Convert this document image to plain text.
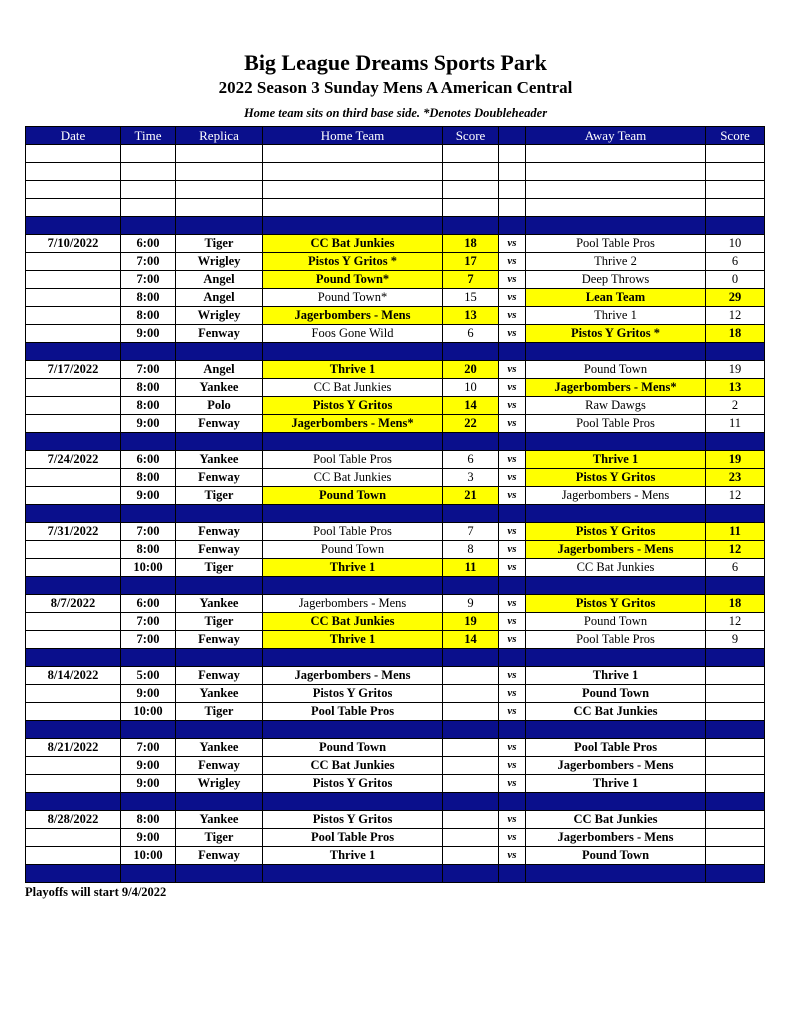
Big League Dreams Sports Park
2022 Season 3 Sunday Mens A American Central
Home team sits on third base side. *Denotes Doubleheader
Date	Time	Replica	Home Team	Score		Away Team	Score

7/10/2022	6:00	Tiger	CC Bat Junkies	18	vs	Pool Table Pros	10
	7:00	Wrigley	Pistos Y Gritos *	17	vs	Thrive 2	6
	7:00	Angel	Pound Town*	7	vs	Deep Throws	0
	8:00	Angel	Pound Town*	15	vs	Lean Team	29
	8:00	Wrigley	Jagerbombers - Mens	13	vs	Thrive 1	12
	9:00	Fenway	Foos Gone Wild	6	vs	Pistos Y Gritos *	18

7/17/2022	7:00	Angel	Thrive 1	20	vs	Pound Town	19
	8:00	Yankee	CC Bat Junkies	10	vs	Jagerbombers - Mens*	13
	8:00	Polo	Pistos Y Gritos	14	vs	Raw Dawgs	2
	9:00	Fenway	Jagerbombers - Mens*	22	vs	Pool Table Pros	11

7/24/2022	6:00	Yankee	Pool Table Pros	6	vs	Thrive 1	19
	8:00	Fenway	CC Bat Junkies	3	vs	Pistos Y Gritos	23
	9:00	Tiger	Pound Town	21	vs	Jagerbombers - Mens	12

7/31/2022	7:00	Fenway	Pool Table Pros	7	vs	Pistos Y Gritos	11
	8:00	Fenway	Pound Town	8	vs	Jagerbombers - Mens	12
	10:00	Tiger	Thrive 1	11	vs	CC Bat Junkies	6

8/7/2022	6:00	Yankee	Jagerbombers - Mens	9	vs	Pistos Y Gritos	18
	7:00	Tiger	CC Bat Junkies	19	vs	Pound Town	12
	7:00	Fenway	Thrive 1	14	vs	Pool Table Pros	9

8/14/2022	5:00	Fenway	Jagerbombers - Mens		vs	Thrive 1	
	9:00	Yankee	Pistos Y Gritos		vs	Pound Town	
	10:00	Tiger	Pool Table Pros		vs	CC Bat Junkies	

8/21/2022	7:00	Yankee	Pound Town		vs	Pool Table Pros	
	9:00	Fenway	CC Bat Junkies		vs	Jagerbombers - Mens	
	9:00	Wrigley	Pistos Y Gritos		vs	Thrive 1	

8/28/2022	8:00	Yankee	Pistos Y Gritos		vs	CC Bat Junkies	
	9:00	Tiger	Pool Table Pros		vs	Jagerbombers - Mens	
	10:00	Fenway	Thrive 1		vs	Pound Town	

Playoffs will start 9/4/2022
